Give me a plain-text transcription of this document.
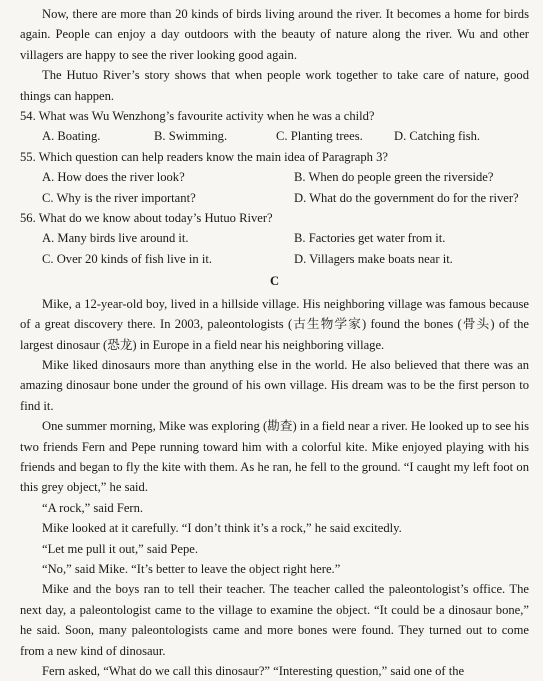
Now, there are more than 20 kinds of birds living around the river. It becomes a home for birds again. People can enjoy a day outdoors with the beauty of nature along the river. Wu and other villagers are happy to see the river looking good again.

The Hutuo River’s story shows that when people work together to take care of nature, good things can happen.

54. What was Wu Wenzhong’s favourite activity when he was a child?
A. Boating.	B. Swimming.	C. Planting trees.	D. Catching fish.
55. Which question can help readers know the main idea of Paragraph 3?
A. How does the river look?	B. When do people green the riverside?
C. Why is the river important?	D. What do the government do for the river?
56. What do we know about today’s Hutuo River?
A. Many birds live around it.	B. Factories get water from it.
C. Over 20 kinds of fish live in it.	D. Villagers make boats near it.
C

Mike, a 12-year-old boy, lived in a hillside village. His neighboring village was famous because of a great discovery there. In 2003, paleontologists (古生物学家) found the bones (骨头) of the largest dinosaur (恐龙) in Europe in a field near his neighboring village.

Mike liked dinosaurs more than anything else in the world. He also believed that there was an amazing dinosaur bone under the ground of his own village. His dream was to be the first person to find it.

One summer morning, Mike was exploring (勘查) in a field near a river. He looked up to see his two friends Fern and Pepe running toward him with a colorful kite. Mike enjoyed playing with his friends and began to fly the kite with them. As he ran, he fell to the ground. “I caught my left foot on this grey object,” he said.

“A rock,” said Fern.

Mike looked at it carefully. “I don’t think it’s a rock,” he said excitedly.

“Let me pull it out,” said Pepe.

“No,” said Mike. “It’s better to leave the object right here.”

Mike and the boys ran to tell their teacher. The teacher called the paleontologist’s office. The next day, a paleontologist came to the village to examine the object. “It could be a dinosaur bone,” he said. Soon, many paleontologists came and more bones were found. They turned out to come from a new kind of dinosaur.

Fern asked, “What do we call this dinosaur?” “Interesting question,” said one of the
